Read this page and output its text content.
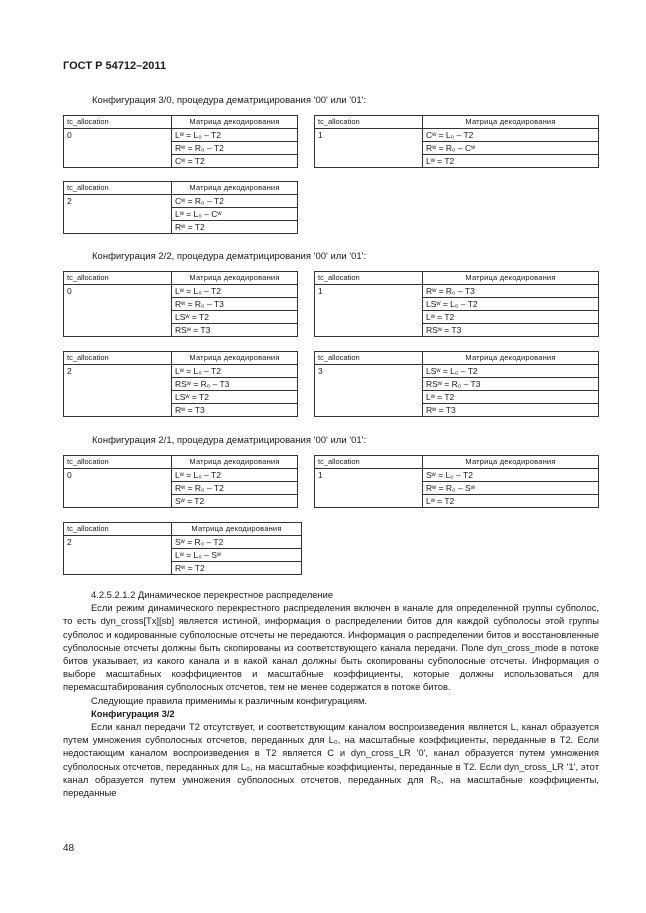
ГОСТ Р 54712–2011
Конфигурация 3/0, процедура дематрицирования '00' или '01':
tc_allocation	Матрица декодирования
0	Lʷ = L₀ – T2
	Rʷ = R₀ – T2
	Cʷ = T2
tc_allocation	Матрица декодирования
1	Cʷ = L₀ – T2
	Rʷ = R₀ – Cʷ
	Lʷ = T2
tc_allocation	Матрица декодирования
2	Cʷ = R₀ – T2
	Lʷ = L₀ – Cʷ
	Rʷ = T2
Конфигурация 2/2, процедура дематрицирования '00' или '01':
tc_allocation	Матрица декодирования
0	Lʷ = L₀ – T2
	Rʷ = R₀ – T3
	LSʷ = T2
	RSʷ = T3
tc_allocation	Матрица декодирования
1	Rʷ = R₀ – T3
	LSʷ = L₀ – T2
	Lʷ = T2
	RSʷ = T3
tc_allocation	Матрица декодирования
2	Lʷ = L₀ – T2
	RSʷ = R₀ – T3
	LSʷ = T2
	Rʷ = T3
tc_allocation	Матрица декодирования
3	LSʷ = L₀ – T2
	RSʷ = R₀ – T3
	Lʷ = T2
	Rʷ = T3
Конфигурация 2/1, процедура дематрицирования '00' или '01':
tc_allocation	Матрица декодирования
0	Lʷ = L₀ – T2
	Rʷ = R₀ – T2
	Sʷ = T2
tc_allocation	Матрица декодирования
1	Sʷ = L₀ – T2
	Rʷ = R₀ – Sʷ
	Lʷ = T2
tc_allocation	Матрица декодирования
2	Sʷ = R₀ – T2
	Lʷ = L₀ – Sʷ
	Rʷ = T2

4.2.5.2.1.2 Динамическое перекрестное распределение

Если режим динамического перекрестного распределения включен в канале для определенной группы субполос, то есть dyn_cross[Tx][sb] является истиной, информация о распределении битов для каждой субполосы этой группы субполос и кодированные субполосные отсчеты не передаются. Информация о распределении битов и восстановленные субполосные отсчеты должны быть скопированы из соответствующего канала передачи. Поле dyn_cross_mode в потоке битов указывает, из какого канала и в какой канал должны быть скопированы субполосные отсчеты. Информация о выборе масштабных коэффициентов и масштабные коэффициенты, которые должны использоваться для перемасштабирования субполосных отсчетов, тем не менее содержатся в потоке битов.

Следующие правила применимы к различным конфигурациям.

Конфигурация 3/2

Если канал передачи T2 отсутствует, и соответствующим каналом воспроизведения является L, канал образуется путем умножения субполосных отсчетов, переданных для L₀, на масштабные коэффициенты, переданные в T2. Если недостающим каналом воспроизведения в T2 является C и dyn_cross_LR '0', канал образуется путем умножения субполосных отсчетов, переданных для L₀, на масштабные коэффициенты, переданные в T2. Если dyn_cross_LR '1', этот канал образуется путем умножения субполосных отсчетов, переданных для R₀, на масштабные коэффициенты, переданные

48
